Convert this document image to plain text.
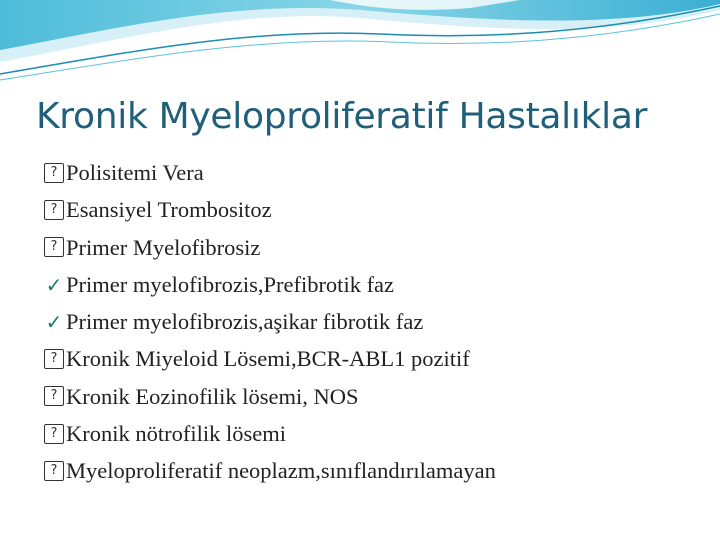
Kronik Myeloproliferatif Hastalıklar
?
Polisitemi Vera
?
Esansiyel Trombositoz
?
Primer Myelofibrosiz
✓
Primer myelofibrozis,Prefibrotik faz
✓
Primer myelofibrozis,aşikar fibrotik faz
?
Kronik Miyeloid Lösemi,BCR-ABL1 pozitif
?
Kronik Eozinofilik lösemi, NOS
?
Kronik nötrofilik lösemi
?
Myeloproliferatif neoplazm,sınıflandırılamayan
